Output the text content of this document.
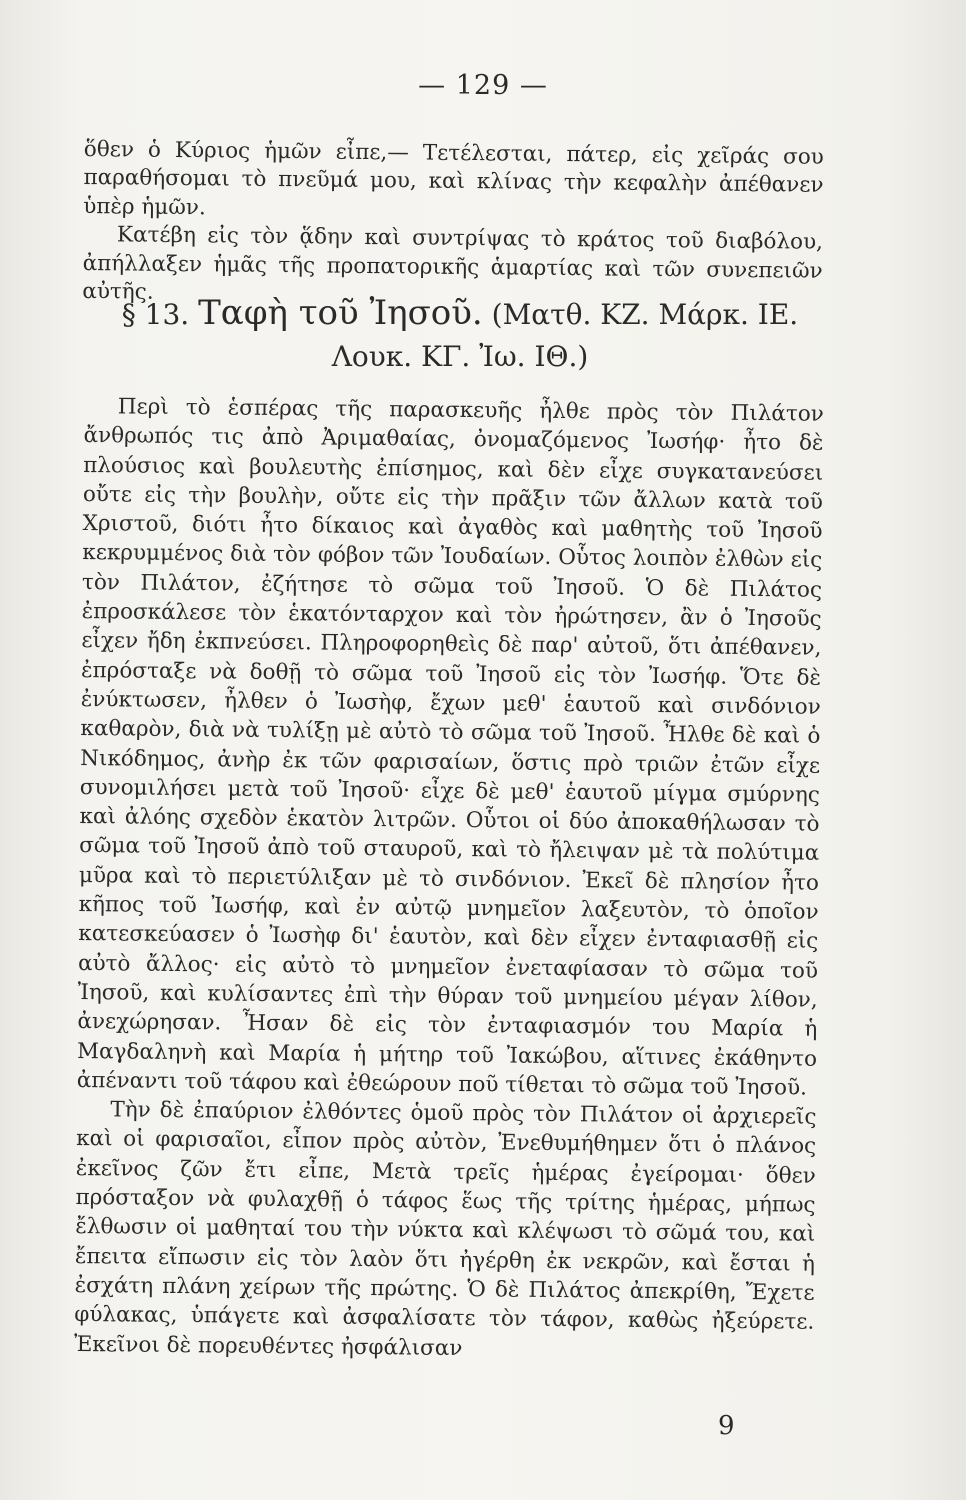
— 129 —

ὅθεν ὁ Κύριος ἡμῶν εἶπε,— Τετέλεσται, πάτερ, εἰς χεῖράς σου παραθήσομαι τὸ πνεῦμά μου, καὶ κλίνας τὴν κεφαλὴν ἀπέθανεν ὑπὲρ ἡμῶν.

Κατέβη εἰς τὸν ᾅδην καὶ συντρίψας τὸ κράτος τοῦ διαβόλου, ἀπήλλαξεν ἡμᾶς τῆς προπατορικῆς ἁμαρτίας καὶ τῶν συνεπειῶν αὐτῆς.

§ 13. Ταφὴ τοῦ Ἰησοῦ. (Ματθ. ΚΖ. Μάρκ. ΙΕ.
Λουκ. ΚΓ. Ἰω. ΙΘ.)

Περὶ τὸ ἑσπέρας τῆς παρασκευῆς ἦλθε πρὸς τὸν Πιλάτον ἄνθρωπός τις ἀπὸ Ἀριμαθαίας, ὀνομαζόμενος Ἰωσήφ· ἦτο δὲ πλούσιος καὶ βουλευτὴς ἐπίσημος, καὶ δὲν εἶχε συγκατανεύσει οὔτε εἰς τὴν βουλὴν, οὔτε εἰς τὴν πρᾶξιν τῶν ἄλλων κατὰ τοῦ Χριστοῦ, διότι ἦτο δίκαιος καὶ ἀγαθὸς καὶ μαθητὴς τοῦ Ἰησοῦ κεκρυμμένος διὰ τὸν φόβον τῶν Ἰουδαίων. Οὗτος λοιπὸν ἐλθὼν εἰς τὸν Πιλάτον, ἐζήτησε τὸ σῶμα τοῦ Ἰησοῦ. Ὁ δὲ Πιλάτος ἐπροσκάλεσε τὸν ἑκατόνταρχον καὶ τὸν ἠρώτησεν, ἂν ὁ Ἰησοῦς εἶχεν ἤδη ἐκπνεύσει. Πληροφορηθεὶς δὲ παρ' αὐτοῦ, ὅτι ἀπέθανεν, ἐπρόσταξε νὰ δοθῇ τὸ σῶμα τοῦ Ἰησοῦ εἰς τὸν Ἰωσήφ. Ὅτε δὲ ἐνύκτωσεν, ἦλθεν ὁ Ἰωσὴφ, ἔχων μεθ' ἑαυτοῦ καὶ σινδόνιον καθαρὸν, διὰ νὰ τυλίξῃ μὲ αὐτὸ τὸ σῶμα τοῦ Ἰησοῦ. Ἦλθε δὲ καὶ ὁ Νικόδημος, ἀνὴρ ἐκ τῶν φαρισαίων, ὅστις πρὸ τριῶν ἐτῶν εἶχε συνομιλήσει μετὰ τοῦ Ἰησοῦ· εἶχε δὲ μεθ' ἑαυτοῦ μίγμα σμύρνης καὶ ἀλόης σχεδὸν ἑκατὸν λιτρῶν. Οὗτοι οἱ δύο ἀποκαθήλωσαν τὸ σῶμα τοῦ Ἰησοῦ ἀπὸ τοῦ σταυροῦ, καὶ τὸ ἤλειψαν μὲ τὰ πολύτιμα μῦρα καὶ τὸ περιετύλιξαν μὲ τὸ σινδόνιον. Ἐκεῖ δὲ πλησίον ἦτο κῆπος τοῦ Ἰωσήφ, καὶ ἐν αὐτῷ μνημεῖον λαξευτὸν, τὸ ὁποῖον κατεσκεύασεν ὁ Ἰωσὴφ δι' ἑαυτὸν, καὶ δὲν εἶχεν ἐνταφιασθῇ εἰς αὐτὸ ἄλλος· εἰς αὐτὸ τὸ μνημεῖον ἐνεταφίασαν τὸ σῶμα τοῦ Ἰησοῦ, καὶ κυλίσαντες ἐπὶ τὴν θύραν τοῦ μνημείου μέγαν λίθον, ἀνεχώρησαν. Ἦσαν δὲ εἰς τὸν ἐνταφιασμόν του Μαρία ἡ Μαγδαληνὴ καὶ Μαρία ἡ μήτηρ τοῦ Ἰακώβου, αἵτινες ἐκάθηντο ἀπέναντι τοῦ τάφου καὶ ἐθεώρουν ποῦ τίθεται τὸ σῶμα τοῦ Ἰησοῦ.

Τὴν δὲ ἐπαύριον ἐλθόντες ὁμοῦ πρὸς τὸν Πιλάτον οἱ ἀρχιερεῖς καὶ οἱ φαρισαῖοι, εἶπον πρὸς αὐτὸν, Ἐνεθυμήθημεν ὅτι ὁ πλάνος ἐκεῖνος ζῶν ἔτι εἶπε, Μετὰ τρεῖς ἡμέρας ἐγείρομαι· ὅθεν πρόσταξον νὰ φυλαχθῇ ὁ τάφος ἕως τῆς τρίτης ἡμέρας, μήπως ἔλθωσιν οἱ μαθηταί του τὴν νύκτα καὶ κλέψωσι τὸ σῶμά του, καὶ ἔπειτα εἴπωσιν εἰς τὸν λαὸν ὅτι ἠγέρθη ἐκ νεκρῶν, καὶ ἔσται ἡ ἐσχάτη πλάνη χείρων τῆς πρώτης. Ὁ δὲ Πιλάτος ἀπεκρίθη, Ἔχετε φύλακας, ὑπάγετε καὶ ἀσφαλίσατε τὸν τάφον, καθὼς ἠξεύρετε. Ἐκεῖνοι δὲ πορευθέντες ἠσφάλισαν

9
